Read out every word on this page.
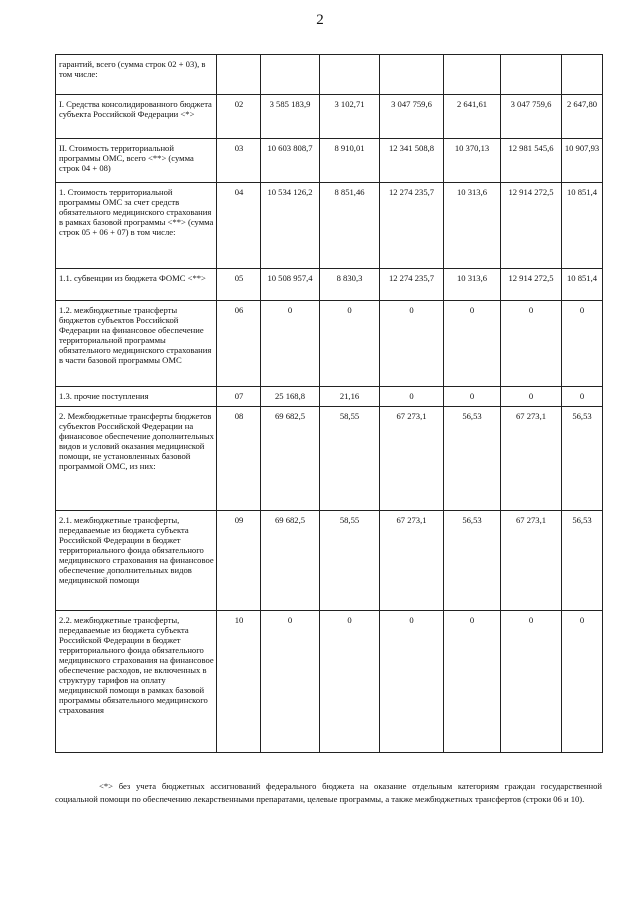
2
гарантий, всего (сумма строк 02 + 03), в том числе:							
I. Средства консолидированного бюджета субъекта Российской Федерации <*>	02	3 585 183,9	3 102,71	3 047 759,6	2 641,61	3 047 759,6	2 647,80
II. Стоимость территориальной программы ОМС, всего <**> (сумма строк 04 + 08)	03	10 603 808,7	8 910,01	12 341 508,8	10 370,13	12 981 545,6	10 907,93
1. Стоимость территориальной программы ОМС за счет средств обязательного медицинского страхования в рамках базовой программы <**> (сумма строк 05 + 06 + 07) в том числе:	04	10 534 126,2	8 851,46	12 274 235,7	10 313,6	12 914 272,5	10 851,4
1.1. субвенции из бюджета ФОМС <**>	05	10 508 957,4	8 830,3	12 274 235,7	10 313,6	12 914 272,5	10 851,4
1.2. межбюджетные трансферты бюджетов субъектов Российской Федерации на финансовое обеспечение территориальной программы обязательного медицинского страхования в части базовой программы ОМС	06	0	0	0	0	0	0
1.3. прочие поступления	07	25 168,8	21,16	0	0	0	0
2. Межбюджетные трансферты бюджетов субъектов Российской Федерации на финансовое обеспечение дополнительных видов и условий оказания медицинской помощи, не установленных базовой программой ОМС, из них:	08	69 682,5	58,55	67 273,1	56,53	67 273,1	56,53
2.1. межбюджетные трансферты, передаваемые из бюджета субъекта Российской Федерации в бюджет территориального фонда обязательного медицинского страхования на финансовое обеспечение дополнительных видов медицинской помощи	09	69 682,5	58,55	67 273,1	56,53	67 273,1	56,53
2.2. межбюджетные трансферты, передаваемые из бюджета субъекта Российской Федерации в бюджет территориального фонда обязательного медицинского страхования на финансовое обеспечение расходов, не включенных в структуру тарифов на оплату медицинской помощи в рамках базовой программы обязательного медицинского страхования	10	0	0	0	0	0	0
<*> без учета бюджетных ассигнований федерального бюджета на оказание отдельным категориям граждан государственной социальной помощи по обеспечению лекарственными препаратами, целевые программы, а также межбюджетных трансфертов (строки 06 и 10).
